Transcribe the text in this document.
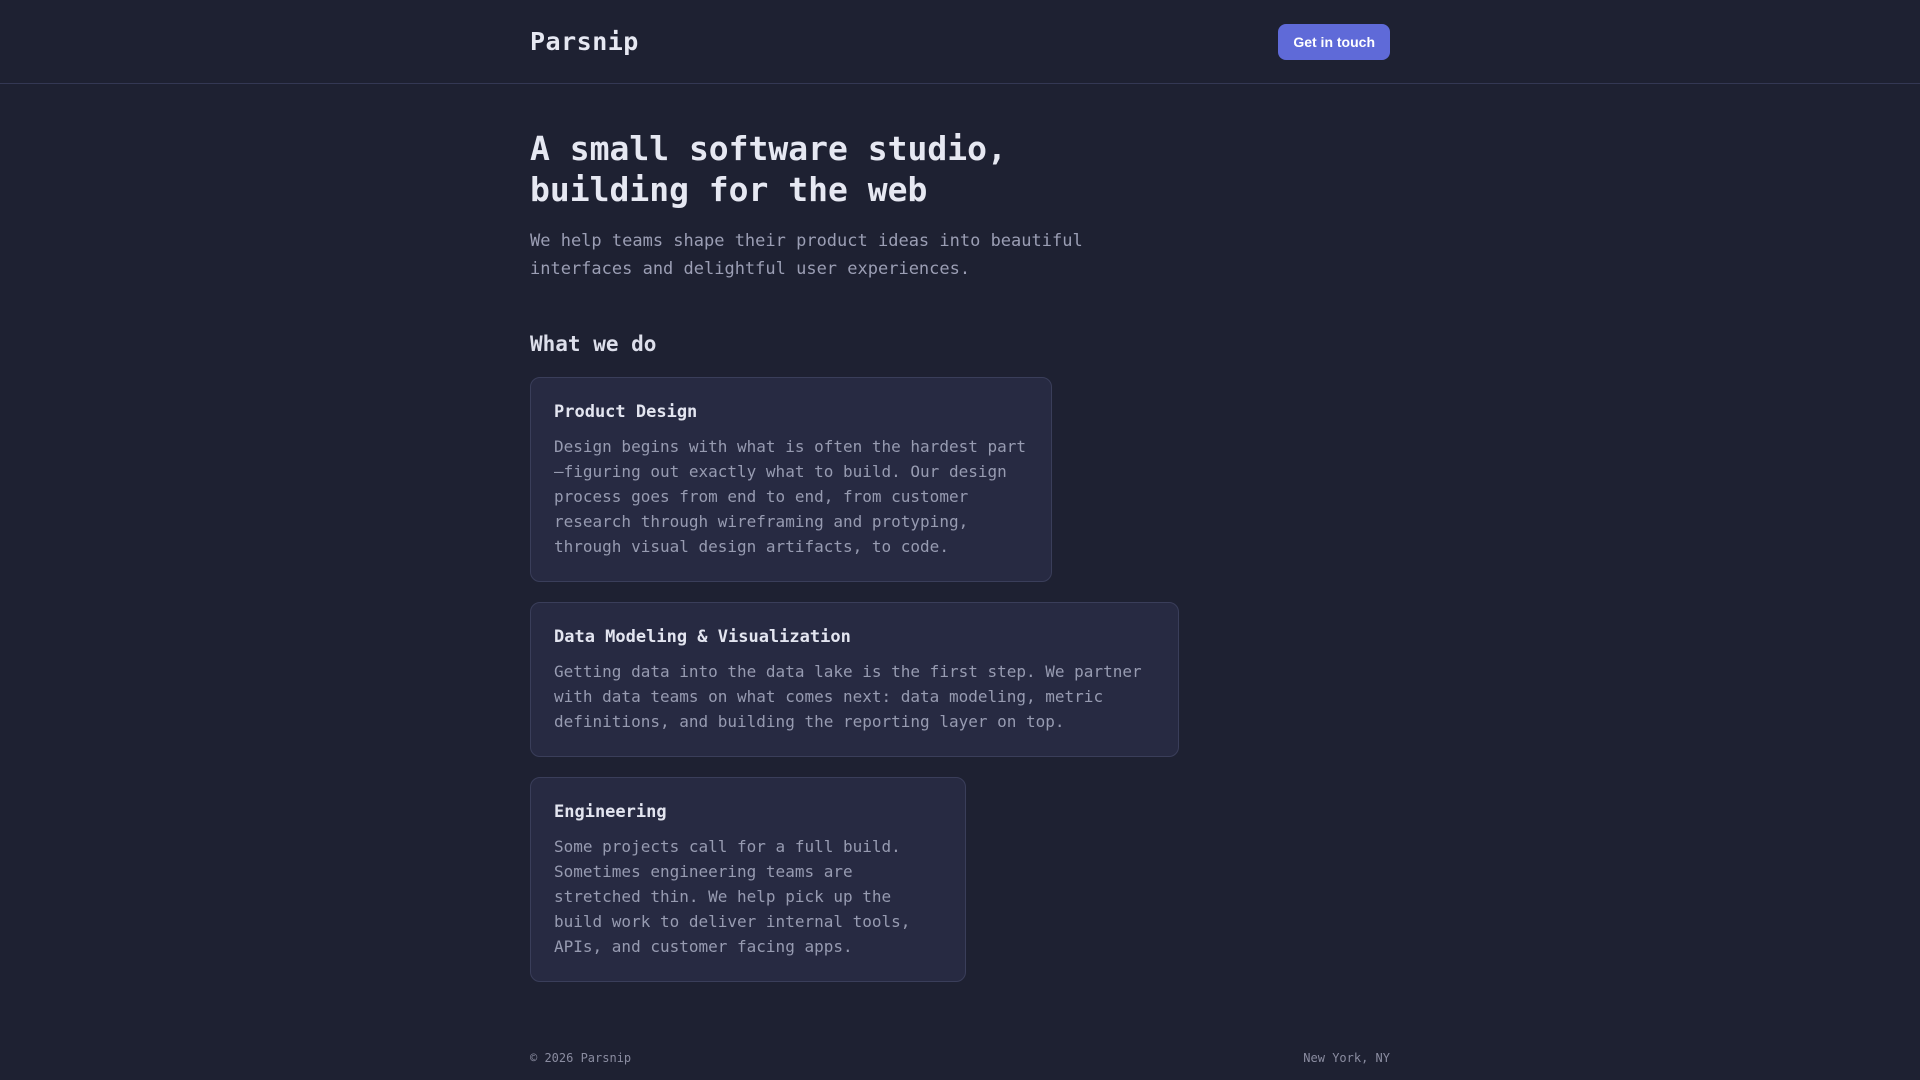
Parsnip	Get in touch
A small software studio, building for the web

We help teams shape their product ideas into beautiful interfaces and delightful user experiences.

What we do
Product Design

Design begins with what is often the hardest part—figuring out exactly what to build. Our design process goes from end to end, from customer research through wireframing and protyping, through visual design artifacts, to code.

Data Modeling & Visualization

Getting data into the data lake is the first step. We partner with data teams on what comes next: data modeling, metric definitions, and building the reporting layer on top.

Engineering

Some projects call for a full build. Sometimes engineering teams are stretched thin. We help pick up the build work to deliver internal tools, APIs, and customer facing apps.

© 2026 Parsnip	New York, NY
